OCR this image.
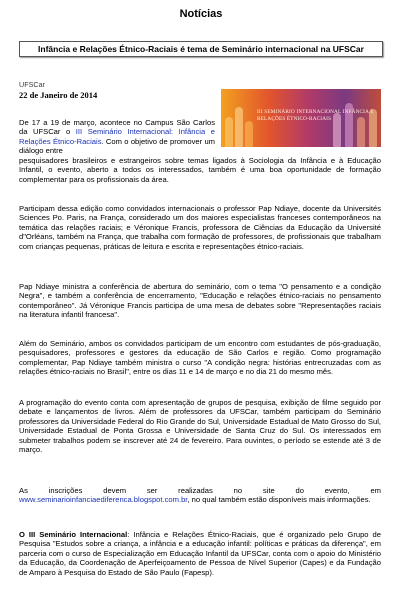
Notícias
Infância e Relações Étnico-Raciais é tema de Seminário internacional na UFSCar
UFSCar
22 de Janeiro de 2014
III SEMINÁRIO INTERNACIONAL INFÂNCIA E RELAÇÕES ÉTNICO-RACIAIS

De 17 a 19 de março, acontece no Campus São Carlos da UFSCar o III Seminário Internacional: Infância e Relações Étnico-Raciais. Com o objetivo de promover um diálogo entre

pesquisadores brasileiros e estrangeiros sobre temas ligados à Sociologia da Infância e à Educação Infantil, o evento, aberto a todos os interessados, também é uma boa oportunidade de formação complementar para os profissionais da área.

Participam dessa edição como convidados internacionais o professor Pap Ndiaye, docente da Universités Sciences Po. Paris, na França, considerado um dos maiores especialistas franceses contemporâneos na temática das relações raciais; e Véronique Francis, professora de Ciências da Educação da Université d"Orléans, também na França, que trabalha com formação de professores, de profissionais que trabalham com crianças pequenas, práticas de leitura e escrita e representações étnico-raciais.

Pap Ndiaye ministra a conferência de abertura do seminário, com o tema "O pensamento e a condição Negra", e também a conferência de encerramento, "Educação e relações étnico-raciais no pensamento contemporâneo". Já Véronique Francis participa de uma mesa de debates sobre "Representações raciais na literatura infantil francesa".

Além do Seminário, ambos os convidados participam de um encontro com estudantes de pós-graduação, pesquisadores, professores e gestores da educação de São Carlos e região. Como programação complementar, Pap Ndiaye também ministra o curso "A condição negra: histórias entrecruzadas com as relações étnico-raciais no Brasil", entre os dias 11 e 14 de março e no dia 21 do mesmo mês.

A programação do evento conta com apresentação de grupos de pesquisa, exibição de filme seguido por debate e lançamentos de livros. Além de professores da UFSCar, também participam do Seminário professores da Universidade Federal do Rio Grande do Sul, Universidade Estadual de Mato Grosso do Sul, Universidade Estadual de Ponta Grossa e Universidade de Santa Cruz do Sul. Os interessados em submeter trabalhos podem se inscrever até 24 de fevereiro. Para ouvintes, o período se estende até 3 de março.

As inscrições devem ser realizadas no site do evento, em www.seminarioinfanciaediferenca.blogspot.com.br, no qual também estão disponíveis mais informações.

O III Seminário Internacional: Infância e Relações Étnico-Raciais, que é organizado pelo Grupo de Pesquisa "Estudos sobre a criança, a infância e a educação infantil: políticas e práticas da diferença", em parceria com o curso de Especialização em Educação Infantil da UFSCar, conta com o apoio do Ministério da Educação, da Coordenação de Aperfeiçoamento de Pessoa de Nível Superior (Capes) e da Fundação de Amparo à Pesquisa do Estado de São Paulo (Fapesp).
